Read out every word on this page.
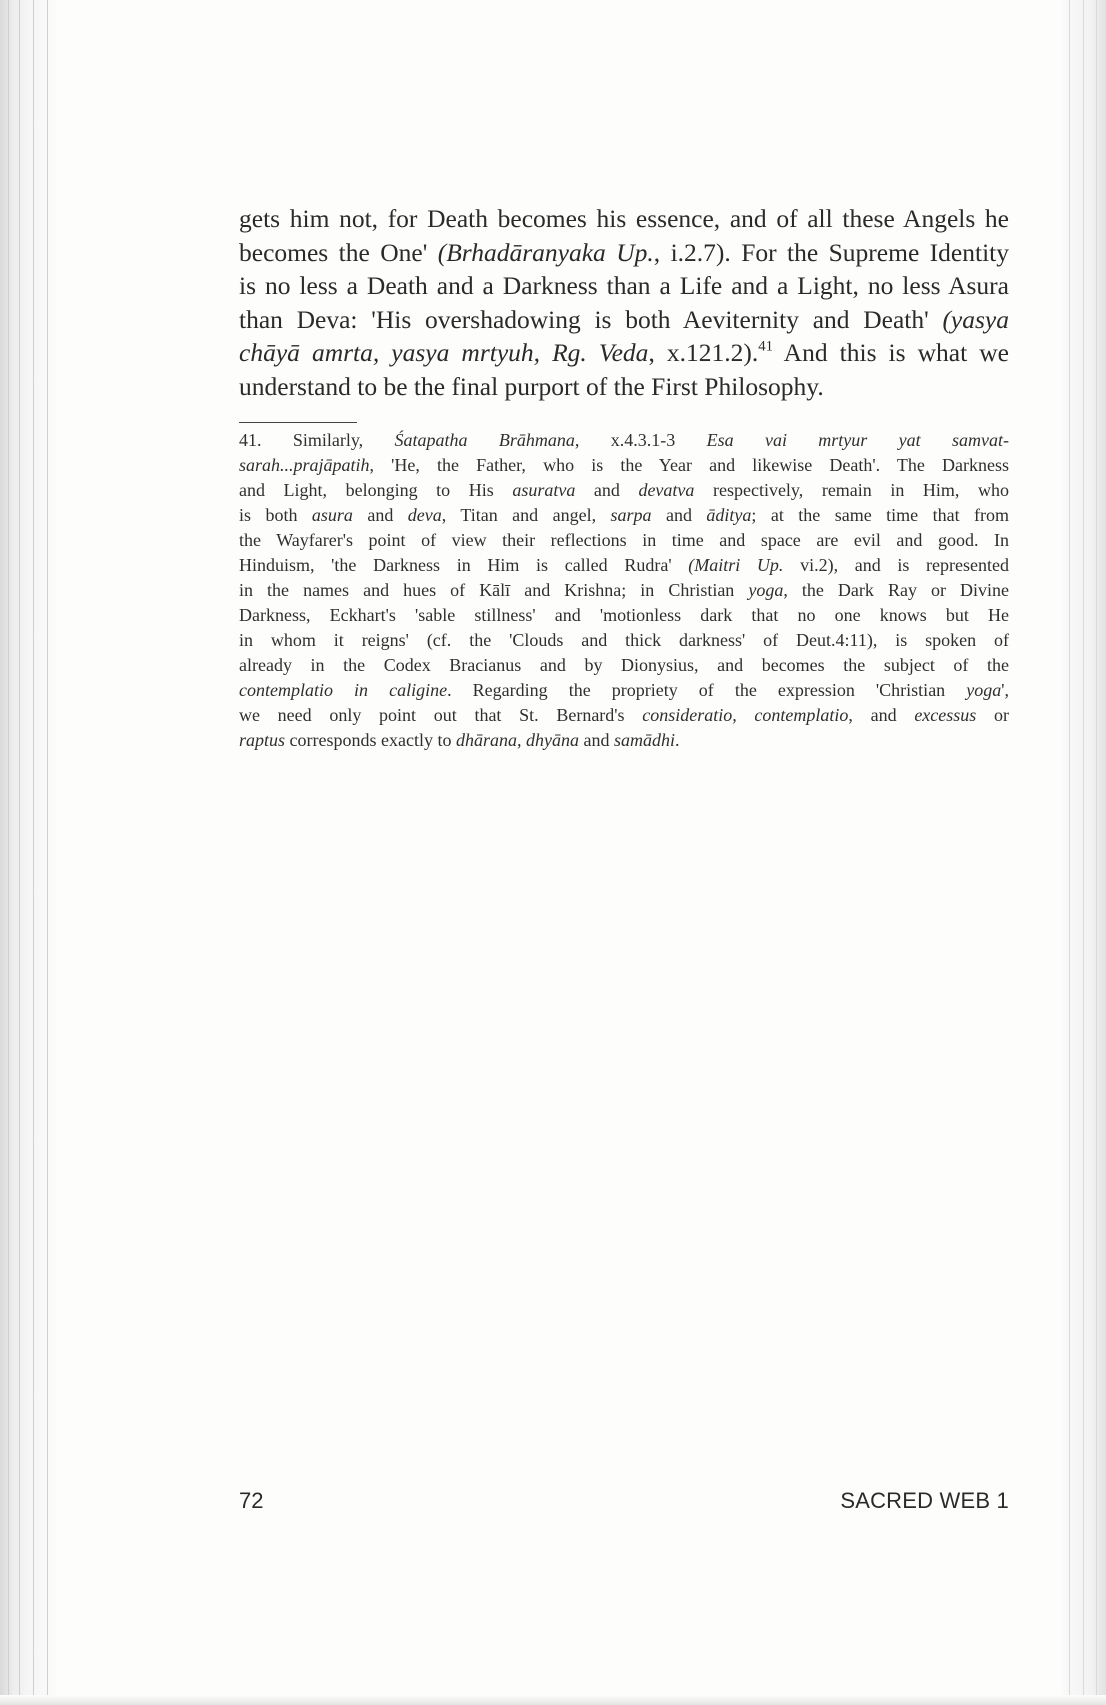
gets him not, for Death becomes his essence, and of all these Angels he
becomes the One' (Brhadāranyaka Up., i.2.7). For the Supreme Identity
is no less a Death and a Darkness than a Life and a Light, no less Asura
than Deva: 'His overshadowing is both Aeviternity and Death' (yasya
chāyā amrta, yasya mrtyuh, Rg. Veda, x.121.2).$^{41}$ And this is what we
understand to be the final purport of the First Philosophy.
41. Similarly, Śatapatha Brāhmana, x.4.3.1-3 Esa vai mrtyur yat samvat-
sarah...prajāpatih, 'He, the Father, who is the Year and likewise Death'. The Darkness
and Light, belonging to His asuratva and devatva respectively, remain in Him, who
is both asura and deva, Titan and angel, sarpa and āditya; at the same time that from
the Wayfarer's point of view their reflections in time and space are evil and good. In
Hinduism, 'the Darkness in Him is called Rudra' (Maitri Up. vi.2), and is represented
in the names and hues of Kālī and Krishna; in Christian yoga, the Dark Ray or Divine
Darkness, Eckhart's 'sable stillness' and 'motionless dark that no one knows but He
in whom it reigns' (cf. the 'Clouds and thick darkness' of Deut.4:11), is spoken of
already in the Codex Bracianus and by Dionysius, and becomes the subject of the
contemplatio in caligine. Regarding the propriety of the expression 'Christian yoga',
we need only point out that St. Bernard's consideratio, contemplatio, and excessus or
raptus corresponds exactly to dhārana, dhyāna and samādhi.
72	SACRED WEB 1
